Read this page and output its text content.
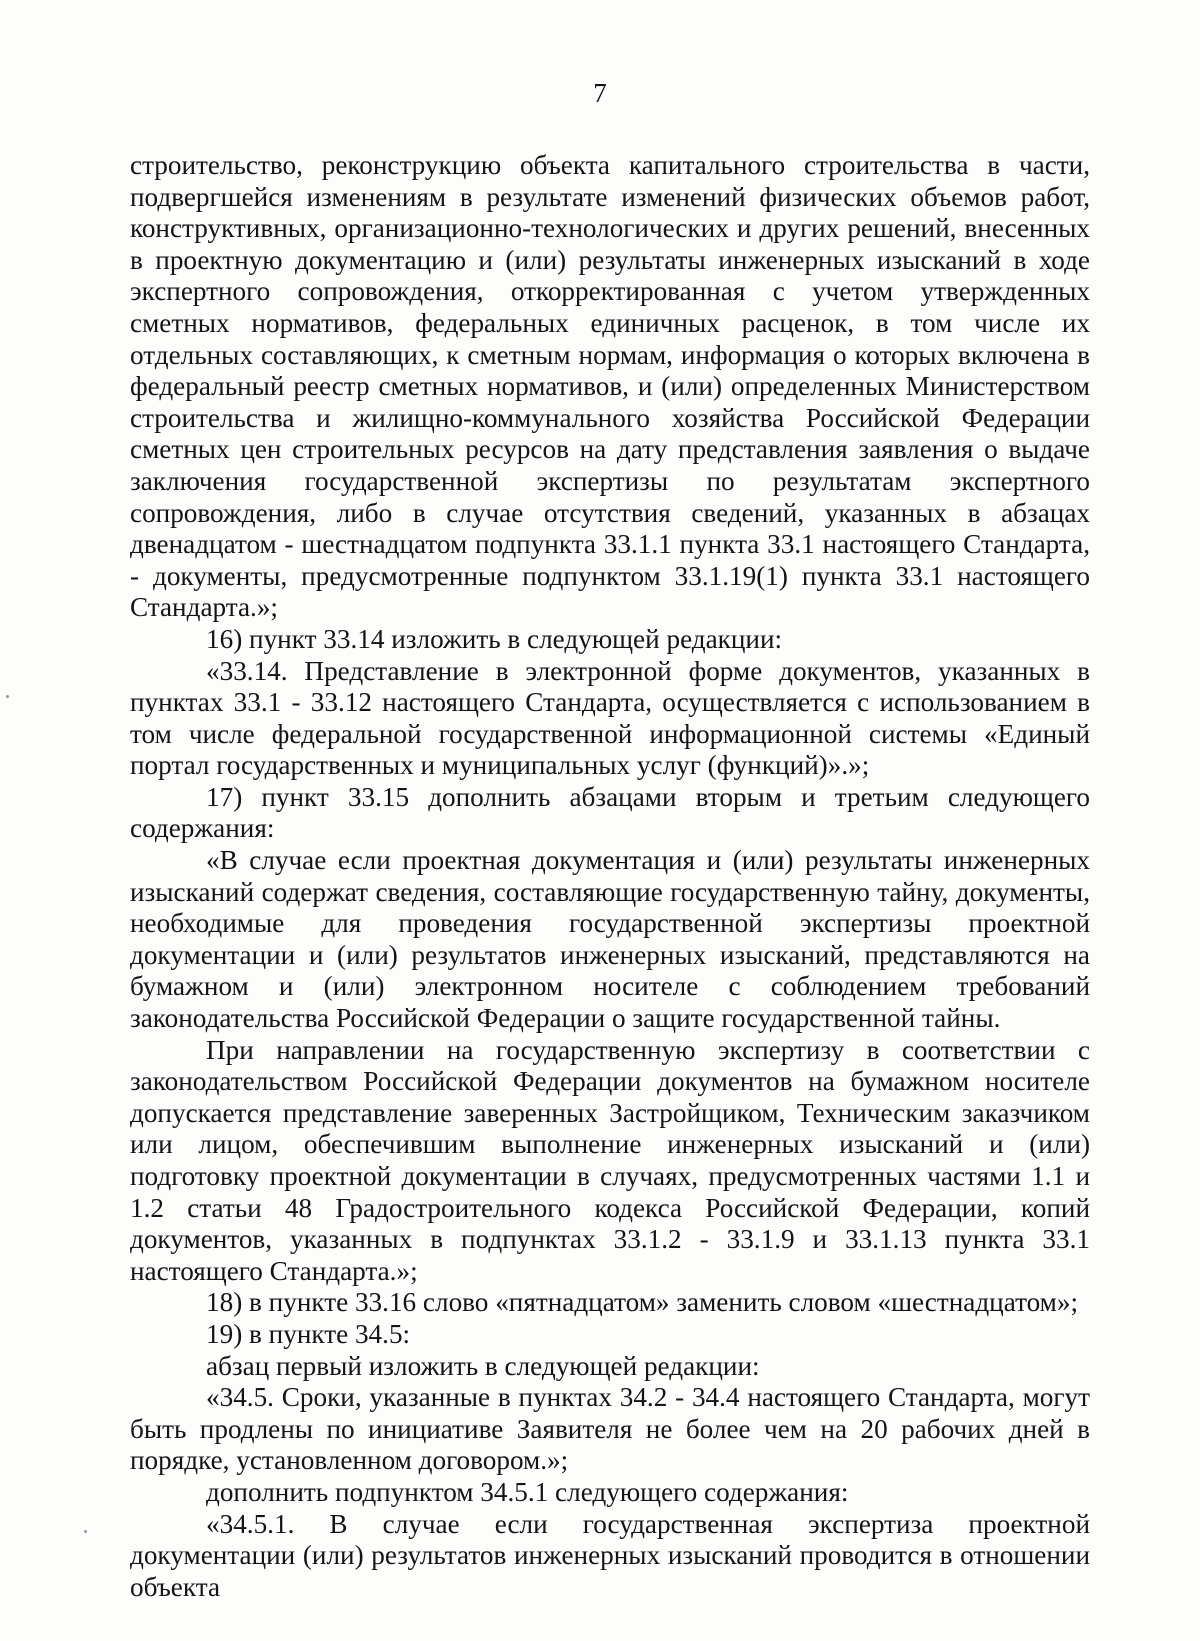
7

строительство, реконструкцию объекта капитального строительства в части, подвергшейся изменениям в результате изменений физических объемов работ, конструктивных, организационно-технологических и других решений, внесенных в проектную документацию и (или) результаты инженерных изысканий в ходе экспертного сопровождения, откорректированная с учетом утвержденных сметных нормативов, федеральных единичных расценок, в том числе их отдельных составляющих, к сметным нормам, информация о которых включена в федеральный реестр сметных нормативов, и (или) определенных Министерством строительства и жилищно-коммунального хозяйства Российской Федерации сметных цен строительных ресурсов на дату представления заявления о выдаче заключения государственной экспертизы по результатам экспертного сопровождения, либо в случае отсутствия сведений, указанных в абзацах двенадцатом - шестнадцатом подпункта 33.1.1 пункта 33.1 настоящего Стандарта, - документы, предусмотренные подпунктом 33.1.19(1) пункта 33.1 настоящего Стандарта.»;

16) пункт 33.14 изложить в следующей редакции:

«33.14. Представление в электронной форме документов, указанных в пунктах 33.1 - 33.12 настоящего Стандарта, осуществляется с использованием в том числе федеральной государственной информационной системы «Единый портал государственных и муниципальных услуг (функций)».»;

17) пункт 33.15 дополнить абзацами вторым и третьим следующего содержания:

«В случае если проектная документация и (или) результаты инженерных изысканий содержат сведения, составляющие государственную тайну, документы, необходимые для проведения государственной экспертизы проектной документации и (или) результатов инженерных изысканий, представляются на бумажном и (или) электронном носителе с соблюдением требований законодательства Российской Федерации о защите государственной тайны.

При направлении на государственную экспертизу в соответствии с законодательством Российской Федерации документов на бумажном носителе допускается представление заверенных Застройщиком, Техническим заказчиком или лицом, обеспечившим выполнение инженерных изысканий и (или) подготовку проектной документации в случаях, предусмотренных частями 1.1 и 1.2 статьи 48 Градостроительного кодекса Российской Федерации, копий документов, указанных в подпунктах 33.1.2 - 33.1.9 и 33.1.13 пункта 33.1 настоящего Стандарта.»;

18) в пункте 33.16 слово «пятнадцатом» заменить словом «шестнадцатом»;

19) в пункте 34.5:

абзац первый изложить в следующей редакции:

«34.5. Сроки, указанные в пунктах 34.2 - 34.4 настоящего Стандарта, могут быть продлены по инициативе Заявителя не более чем на 20 рабочих дней в порядке, установленном договором.»;

дополнить подпунктом 34.5.1 следующего содержания:

«34.5.1. В случае если государственная экспертиза проектной документации (или) результатов инженерных изысканий проводится в отношении объекта
